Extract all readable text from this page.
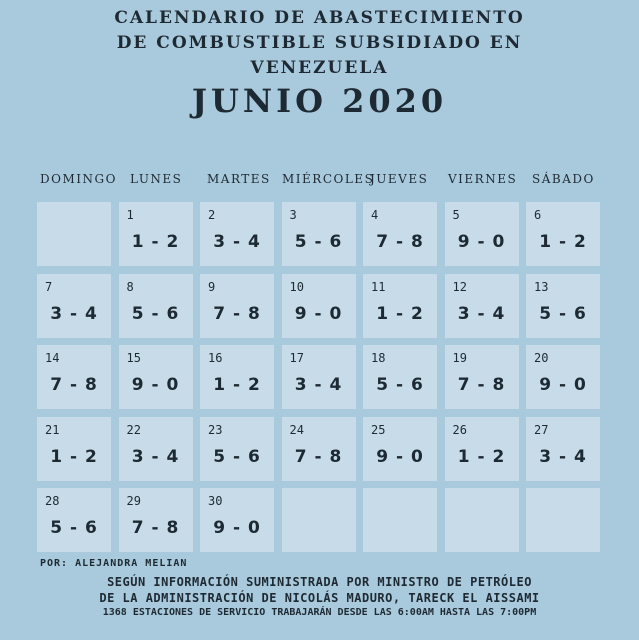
CALENDARIO DE ABASTECIMIENTO
DE COMBUSTIBLE SUBSIDIADO EN
VENEZUELA
JUNIO 2020
DOMINGO LUNES MARTES MIÉRCOLES
JUEVES VIERNES SÁBADO
1
1 - 2
2
3 - 4
3
5 - 6
4
7 - 8
5
9 - 0
6
1 - 2
7
3 - 4
8
5 - 6
9
7 - 8
10
9 - 0
11
1 - 2
12
3 - 4
13
5 - 6
14
7 - 8
15
9 - 0
16
1 - 2
17
3 - 4
18
5 - 6
19
7 - 8
20
9 - 0
21
1 - 2
22
3 - 4
23
5 - 6
24
7 - 8
25
9 - 0
26
1 - 2
27
3 - 4
28
5 - 6
29
7 - 8
30
9 - 0
POR: ALEJANDRA MELIAN
SEGÚN INFORMACIÓN SUMINISTRADA POR MINISTRO DE PETRÓLEO
DE LA ADMINISTRACIÓN DE NICOLÁS MADURO, TARECK EL AISSAMI
1368 ESTACIONES DE SERVICIO TRABAJARÁN DESDE LAS 6:00AM HASTA LAS 7:00PM
